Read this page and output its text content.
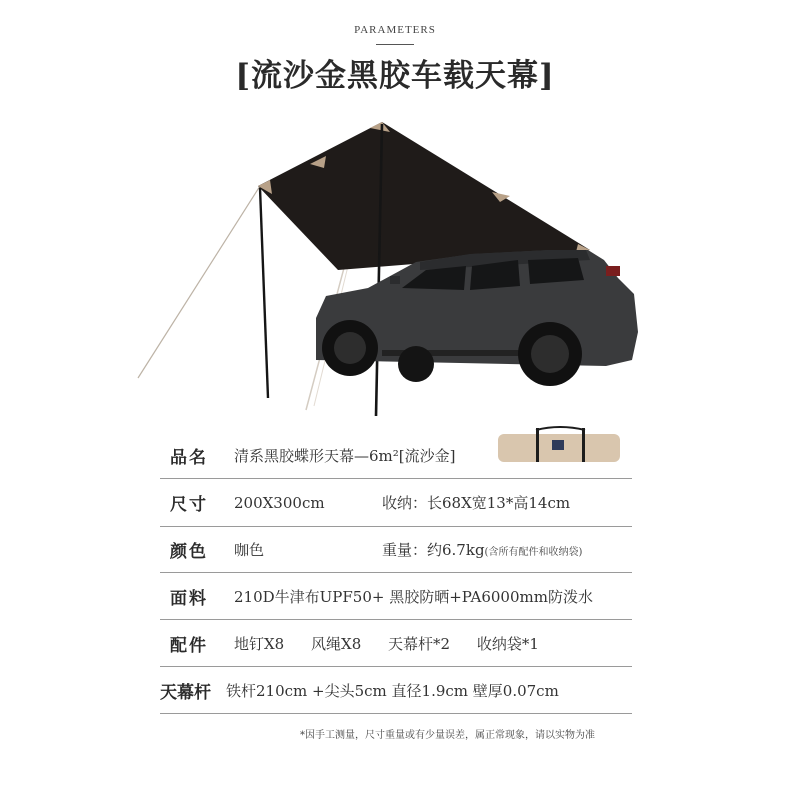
PARAMETERS
[流沙金黑胶车载天幕]
品名	清系黑胶蝶形天幕—6m²[流沙金]
尺寸	200X300cm	收纳：长68X宽13*高14cm
颜色	咖色	重量：约6.7kg(含所有配件和收纳袋)
面料	210D牛津布UPF50+ 黑胶防晒+PA6000mm防泼水
配件	地钉X8 风绳X8 天幕杆*2 收纳袋*1
天幕杆	铁杆210cm +尖头5cm 直径1.9cm 壁厚0.07cm
*因手工测量，尺寸重量或有少量误差，属正常现象，请以实物为准
